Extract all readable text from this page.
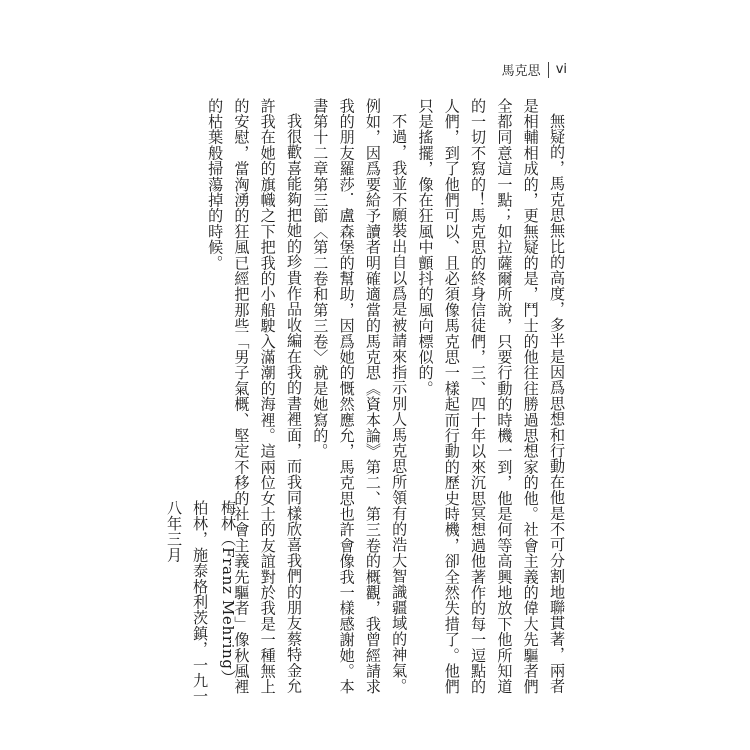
馬克思 vi

無疑的，馬克思無比的高度，多半是因爲思想和行動在他是不可分割地聯貫著，兩者是相輔相成的，更無疑的是，鬥士的他往往勝過思想家的他。社會主義的偉大先驅者們全都同意這一點；如拉薩爾所說，只要行動的時機一到，他是何等高興地放下他所知道的一切不寫的！馬克思的終身信徒們，三、四十年以來沉思冥想過他著作的每一逗點的人們，到了他們可以、且必須像馬克思一樣起而行動的歷史時機，卻全然失措了。他們只是搖擺，像在狂風中顫抖的風向標似的。

不過，我並不願裝出自以爲是被請來指示別人馬克思所領有的浩大智識疆域的神氣。例如，因爲要給予讀者明確適當的馬克思《資本論》第二、第三卷的概觀，我曾經請求我的朋友羅莎．盧森堡的幫助，因爲她的慨然應允，馬克思也許會像我一樣感謝她。本書第十二章第三節〈第二卷和第三卷〉就是她寫的。

我很歡喜能夠把她的珍貴作品收編在我的書裡面，而我同樣欣喜我們的朋友蔡特金允許我在她的旗幟之下把我的小船駛入滿潮的海裡。這兩位女士的友誼對於我是一種無上的安慰，當洶湧的狂風已經把那些「男子氣概、堅定不移的社會主義先驅者」像秋風裡的枯葉般掃蕩掉的時候。

梅林（Franz Mehring）
柏林，施泰格利茨鎮，一九一八年三月
